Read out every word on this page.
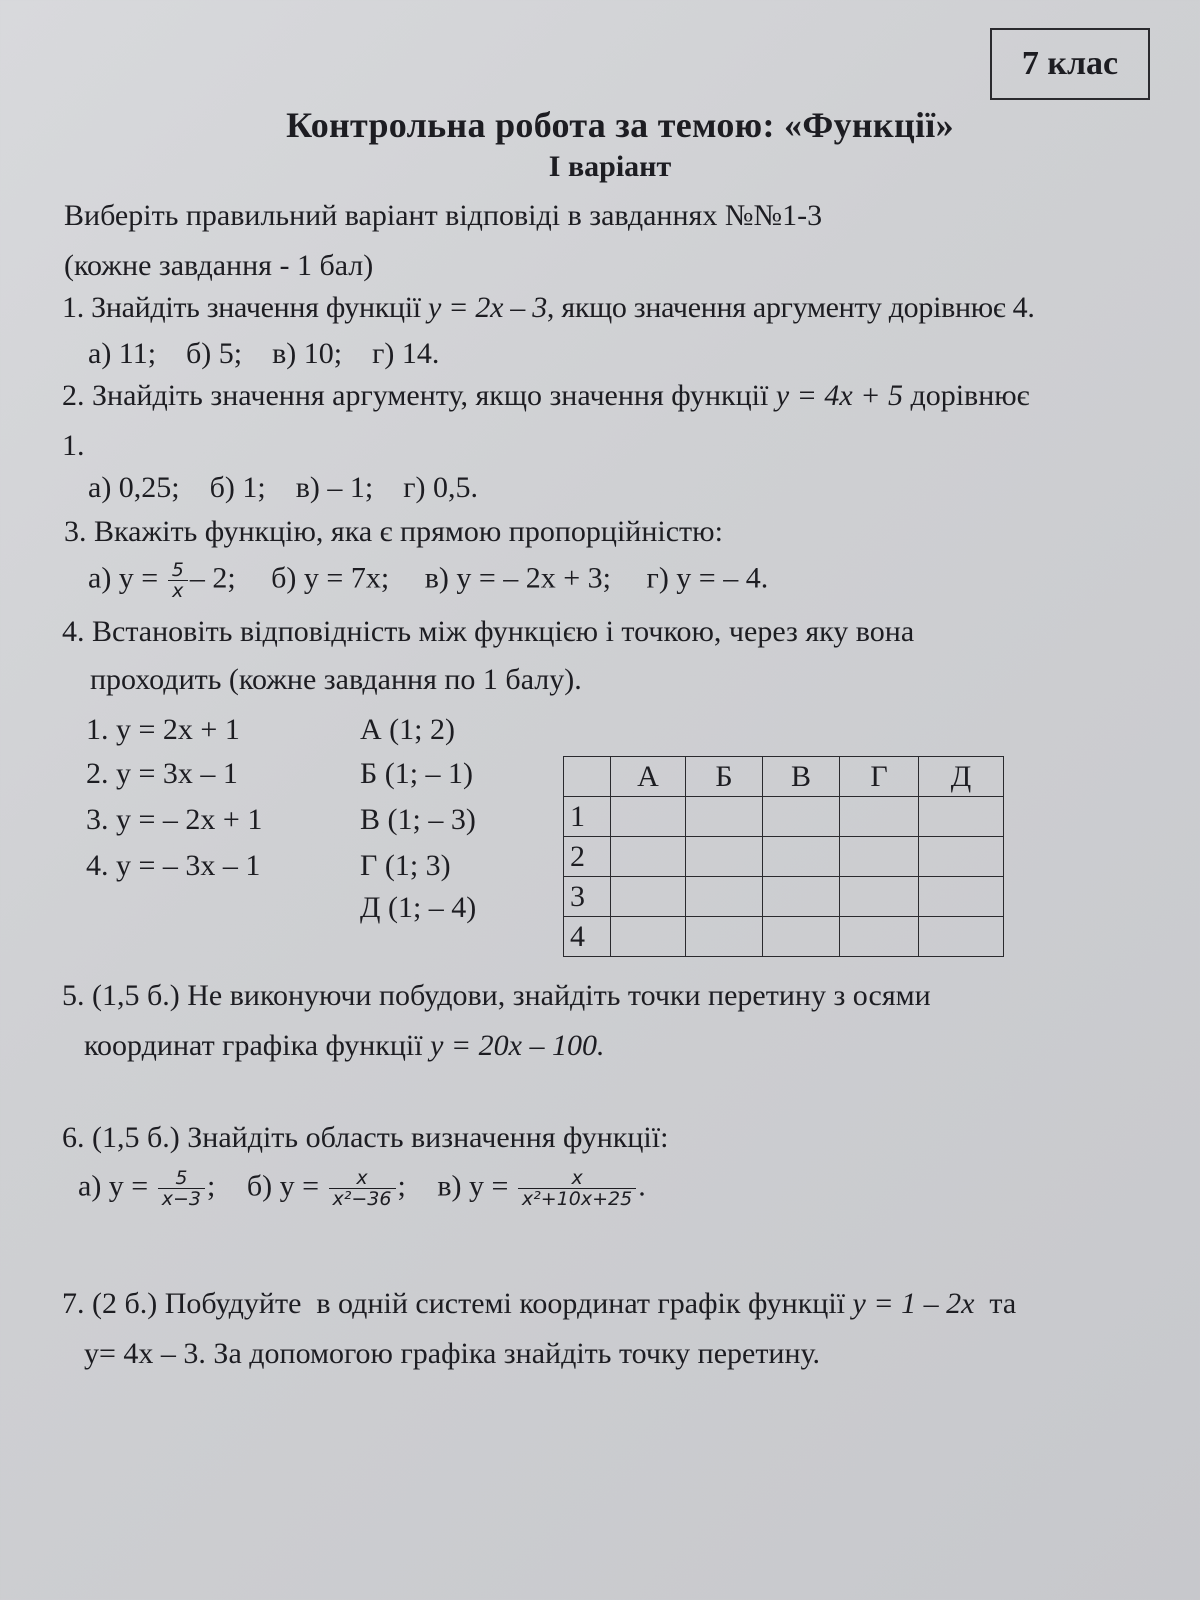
7 клас
Контрольна робота за темою: «Функції»
І варіант
Виберіть правильний варіант відповіді в завданнях №№1-3
(кожне завдання - 1 бал)
1. Знайдіть значення функції y = 2x – 3, якщо значення аргументу дорівнює 4.
а) 11;    б) 5;    в) 10;    г) 14.
2. Знайдіть значення аргументу, якщо значення функції y = 4x + 5 дорівнює
1.
а) 0,25;    б) 1;    в) – 1;    г) 0,5.
3. Вкажіть функцію, яка є прямою пропорційністю:
а) $y = \frac{5}{x} - 2$; б) y = 7x; в) y = – 2x + 3; г) y = – 4.
4. Встановіть відповідність між функцією і точкою, через яку вона
проходить (кожне завдання по 1 балу).
1. y = 2x + 1
2. y = 3x – 1
3. y = – 2x + 1
4. y = – 3x – 1
А (1; 2)
Б (1; – 1)
В (1; – 3)
Г (1; 3)
Д (1; – 4)
	А	Б	В	Г	Д
1					
2					
3					
4					
5. (1,5 б.) Не виконуючи побудови, знайдіть точки перетину з осями
координат графіка функції y = 20x – 100.
6. (1,5 б.) Знайдіть область визначення функції:
а) $y = \frac{5}{x-3}$ ; б) $y = \frac{x}{\text{x²−36}}$ ; в) $y = \frac{x}{\text{x²+10x+25}}$ .
7. (2 б.) Побудуйте  в одній системі координат графік функції y = 1 – 2x  та
y= 4x – 3. За допомогою графіка знайдіть точку перетину.
